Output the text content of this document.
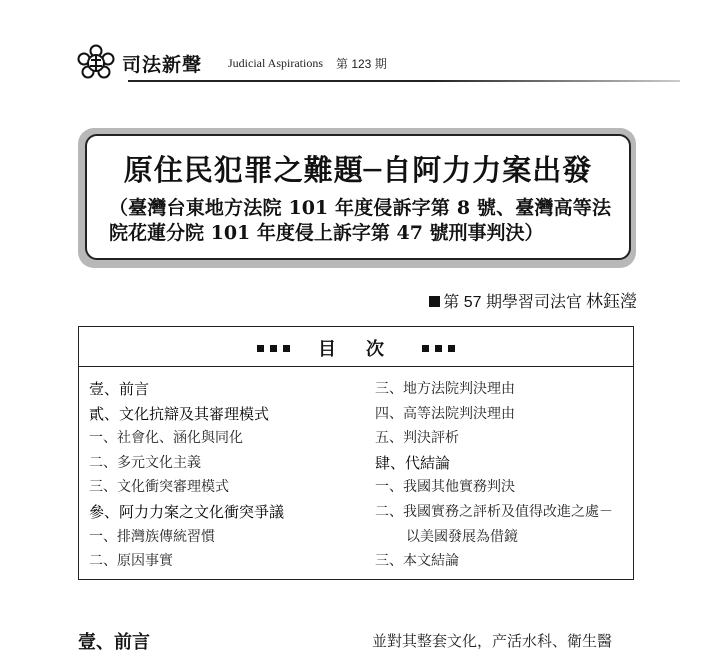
司法新聲 Judicial Aspirations 第 123 期
原住民犯罪之難題─自阿力力案出發
（臺灣台東地方法院 101 年度侵訴字第 8 號、臺灣高等法院花蓮分院 101 年度侵上訴字第 47 號刑事判決）
第 57 期學習司法官 林鈺瀅
目次
壹、前言
貳、文化抗辯及其審理模式
一、社會化、涵化與同化
二、多元文化主義
三、文化衝突審理模式
參、阿力力案之文化衝突爭議
一、排灣族傳統習慣
二、原因事實
三、地方法院判決理由
四、高等法院判決理由
五、判決評析
肆、代結論
一、我國其他實務判決
二、我國實務之評析及值得改進之處－
以美國發展為借鏡
三、本文結論
壹、前言	並對其整套文化，产活水科、衛生醫
